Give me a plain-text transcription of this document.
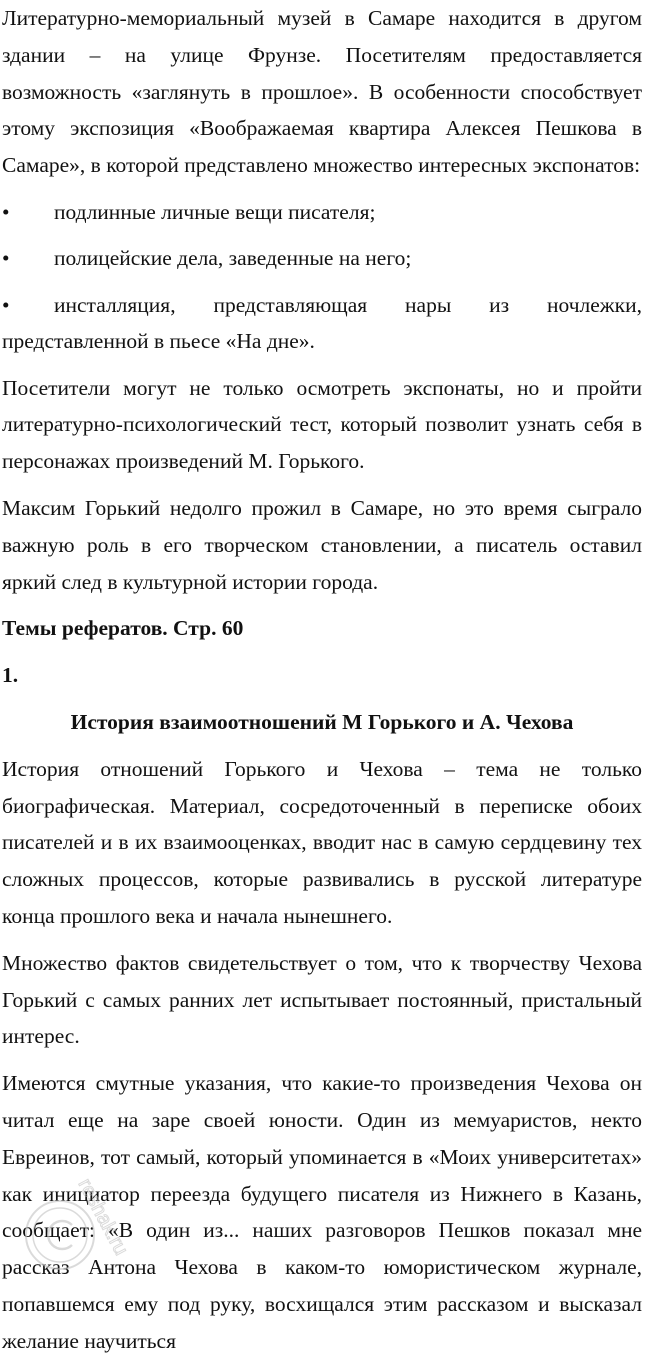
Литературно-мемориальный музей в Самаре находится в другом здании – на улице Фрунзе. Посетителям предоставляется возможность «заглянуть в прошлое». В особенности способствует этому экспозиция «Воображаемая квартира Алексея Пешкова в Самаре», в которой представлено множество интересных экспонатов:

•	подлинные личные вещи писателя;
•	полицейские дела, заведенные на него;
• инсталляция, представляющая нары из ночлежки, представленной в пьесе «На дне».

Посетители могут не только осмотреть экспонаты, но и пройти литературно-психологический тест, который позволит узнать себя в персонажах произведений М. Горького.

Максим Горький недолго прожил в Самаре, но это время сыграло важную роль в его творческом становлении, а писатель оставил яркий след в культурной истории города.

Темы рефератов. Стр. 60

1.

История взаимоотношений М Горького и А. Чехова

История отношений Горького и Чехова – тема не только биографическая. Материал, сосредоточенный в переписке обоих писателей и в их взаимооценках, вводит нас в самую сердцевину тех сложных процессов, которые развивались в русской литературе конца прошлого века и начала нынешнего.

Множество фактов свидетельствует о том, что к творчеству Чехова Горький с самых ранних лет испытывает постоянный, пристальный интерес.

Имеются смутные указания, что какие-то произведения Чехова он читал еще на заре своей юности. Один из мемуаристов, некто Евреинов, тот самый, который упоминается в «Моих университетах» как инициатор переезда будущего писателя из Нижнего в Казань, сообщает: «В один из... наших разговоров Пешков показал мне рассказ Антона Чехова в каком-то юмористическом журнале, попавшемся ему под руку, восхищался этим рассказом и высказал желание научиться

reshak.ru
